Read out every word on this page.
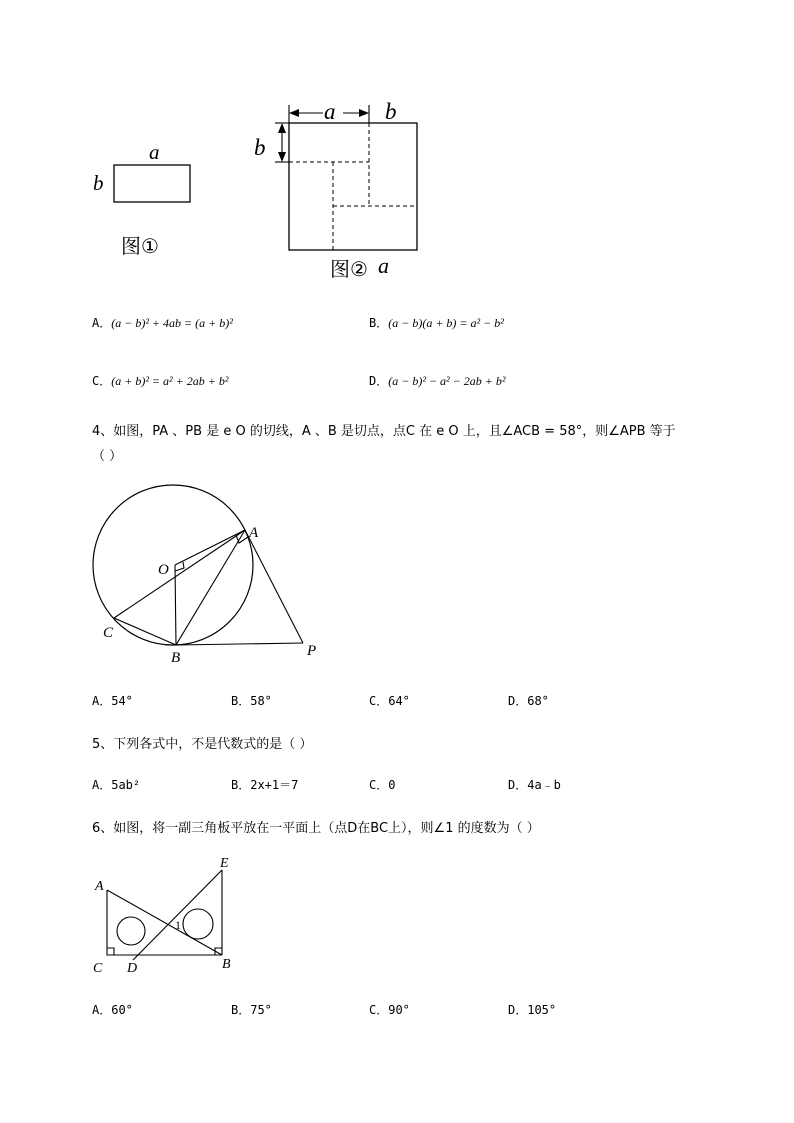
a
b
图①
a b
b
图② a
A．(a − b)² + 4ab = (a + b)²	B．(a − b)(a + b) = a² − b²
C．(a + b)² = a² + 2ab + b²	D．(a − b)² − a² − 2ab + b²
4、如图，PA 、PB 是 e O 的切线，A 、B 是切点，点C 在 e O 上，且∠ACB = 58°，则∠APB 等于
（ ）
A
O
C
B	P
A．54°	B．58°	C．64°	D．68°
5、下列各式中，不是代数式的是（ ）
A．5ab²	B．2x+1＝7	C．0	D．4a﹣b
6、如图，将一副三角板平放在一平面上（点D在BC上），则∠1 的度数为（ ）
A
E
C D	B
1
A．60°	B．75°	C．90°	D．105°
